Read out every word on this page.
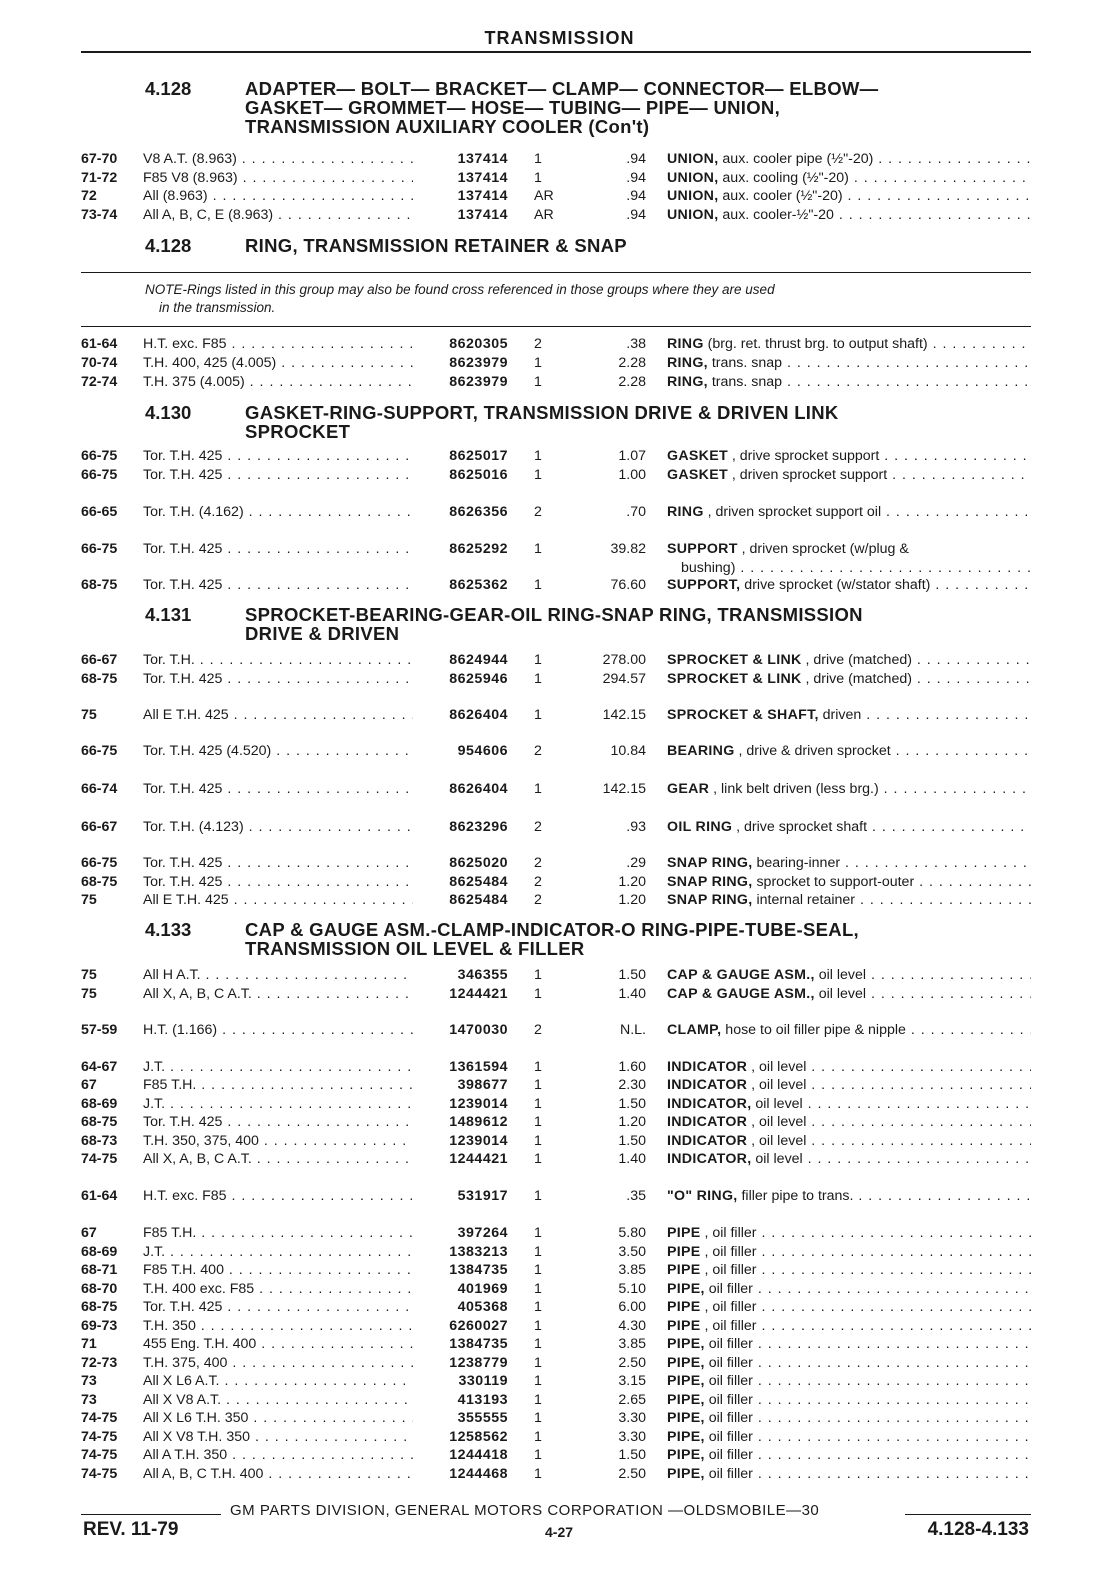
TRANSMISSION
4.128	ADAPTER— BOLT— BRACKET— CLAMP— CONNECTOR— ELBOW—
GASKET— GROMMET— HOSE— TUBING— PIPE— UNION,
TRANSMISSION AUXILIARY COOLER (Con't)
67-70	V8 A.T. (8.963) . . .	137414 1	.94 UNION, aux. cooler pipe (½"-20) . . .
71-72	F85 V8 (8.963) . . .	137414 1	.94 UNION, aux. cooling (½"-20) . . .
72	All (8.963) . . .	137414 AR	.94 UNION, aux. cooler (½"-20) . . .
73-74	All A, B, C, E (8.963) . . .	137414 AR	.94 UNION, aux. cooler-½"-20 . . .
4.128	RING, TRANSMISSION RETAINER & SNAP
NOTE-Rings listed in this group may also be found cross referenced in those groups where they are used
in the transmission.
61-64	H.T. exc. F85 . . .	8620305 2	.38 RING (brg. ret. thrust brg. to output shaft) . . .
70-74	T.H. 400, 425 (4.005) . . .	8623979 1	2.28 RING, trans. snap . . .
72-74	T.H. 375 (4.005) . . .	8623979 1	2.28 RING, trans. snap . . .
4.130	GASKET-RING-SUPPORT, TRANSMISSION DRIVE & DRIVEN LINK
SPROCKET
66-75	Tor. T.H. 425 . . .	8625017 1	1.07 GASKET , drive sprocket support . . .
66-75	Tor. T.H. 425 . . .	8625016 1	1.00 GASKET , driven sprocket support . . .
66-65	Tor. T.H. (4.162) . . .	8626356 2	.70 RING , driven sprocket support oil . . .
66-75	Tor. T.H. 425 . . .	8625292 1	39.82 SUPPORT , driven sprocket (w/plug &
bushing) . . .
68-75	Tor. T.H. 425 . . .	8625362 1	76.60 SUPPORT, drive sprocket (w/stator shaft) . . .
4.131	SPROCKET-BEARING-GEAR-OIL RING-SNAP RING, TRANSMISSION
DRIVE & DRIVEN
66-67	Tor. T.H. . . .	8624944 1	278.00 SPROCKET & LINK , drive (matched) . . .
68-75	Tor. T.H. 425 . . .	8625946 1	294.57 SPROCKET & LINK , drive (matched) . . .
75	All E T.H. 425 . . .	8626404 1	142.15 SPROCKET & SHAFT, driven . . .
66-75	Tor. T.H. 425 (4.520) . . .	954606 2	10.84 BEARING , drive & driven sprocket . . .
66-74	Tor. T.H. 425 . . .	8626404 1	142.15 GEAR , link belt driven (less brg.) . . .
66-67	Tor. T.H. (4.123) . . .	8623296 2	.93 OIL RING , drive sprocket shaft . . .
66-75	Tor. T.H. 425 . . .	8625020 2	.29 SNAP RING, bearing-inner . . .
68-75	Tor. T.H. 425 . . .	8625484 2	1.20 SNAP RING, sprocket to support-outer . . .
75	All E T.H. 425 . . .	8625484 2	1.20 SNAP RING, internal retainer . . .
4.133	CAP & GAUGE ASM.-CLAMP-INDICATOR-O RING-PIPE-TUBE-SEAL,
TRANSMISSION OIL LEVEL & FILLER
75	All H A.T. . . .	346355 1	1.50 CAP & GAUGE ASM., oil level . . .
75	All X, A, B, C A.T. . . .	1244421 1	1.40 CAP & GAUGE ASM., oil level . . .
57-59	H.T. (1.166) . . .	1470030 2	N.L. CLAMP, hose to oil filler pipe & nipple . . .
64-67	J.T. . . .	1361594 1	1.60 INDICATOR , oil level . . .
67	F85 T.H. . . .	398677 1	2.30 INDICATOR , oil level . . .
68-69	J.T. . . .	1239014 1	1.50 INDICATOR, oil level . . .
68-75	Tor. T.H. 425 . . .	1489612 1	1.20 INDICATOR , oil level . . .
68-73	T.H. 350, 375, 400 . . .	1239014 1	1.50 INDICATOR , oil level . . .
74-75	All X, A, B, C A.T. . . .	1244421 1	1.40 INDICATOR, oil level . . .
61-64	H.T. exc. F85 . . .	531917 1	.35 "O" RING, filler pipe to trans. . . .
67	F85 T.H. . . .	397264 1	5.80 PIPE , oil filler . . .
68-69	J.T. . . .	1383213 1	3.50 PIPE , oil filler . . .
68-71	F85 T.H. 400 . . .	1384735 1	3.85 PIPE , oil filler . . .
68-70	T.H. 400 exc. F85 . . .	401969 1	5.10 PIPE, oil filler . . .
68-75	Tor. T.H. 425 . . .	405368 1	6.00 PIPE , oil filler . . .
69-73	T.H. 350 . . .	6260027 1	4.30 PIPE , oil filler . . .
71	455 Eng. T.H. 400 . . .	1384735 1	3.85 PIPE, oil filler . . .
72-73	T.H. 375, 400 . . .	1238779 1	2.50 PIPE, oil filler . . .
73	All X L6 A.T. . . .	330119 1	3.15 PIPE, oil filler . . .
73	All X V8 A.T. . . .	413193 1	2.65 PIPE, oil filler . . .
74-75	All X L6 T.H. 350 . . .	355555 1	3.30 PIPE, oil filler . . .
74-75	All X V8 T.H. 350 . . .	1258562 1	3.30 PIPE, oil filler . . .
74-75	All A T.H. 350 . . .	1244418 1	1.50 PIPE, oil filler . . .
74-75	All A, B, C T.H. 400 . . .	1244468 1	2.50 PIPE, oil filler . . .
GM PARTS DIVISION, GENERAL MOTORS CORPORATION —OLDSMOBILE—30
REV. 11-79	4-27	4.128-4.133
